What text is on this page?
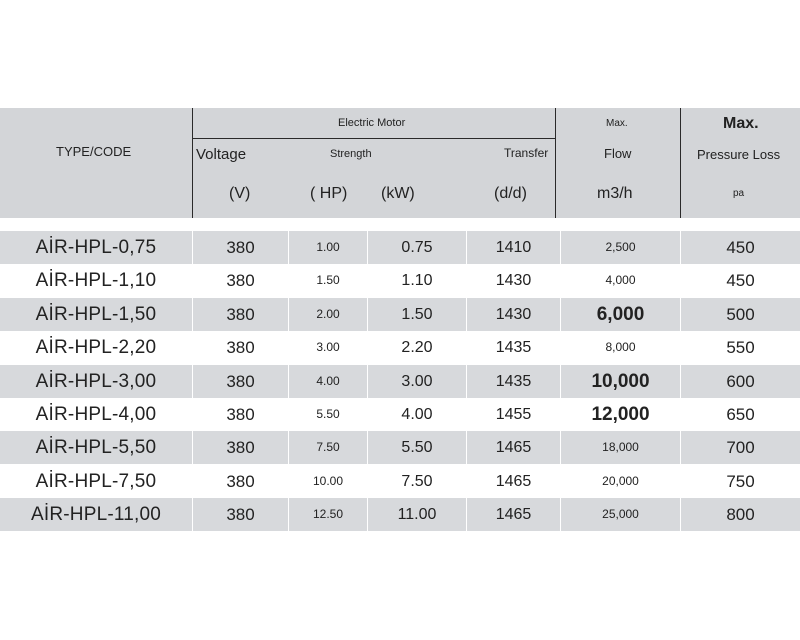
TYPE/CODE
Electric Motor
Voltage	Strength	Transfer
Max.
Flow
Max.
Pressure Loss
(V)	( HP) (kW)	(d/d)	m3/h	pa
AİR-HPL-0,75	380	1.00	0.75	1410	2,500	450
AİR-HPL-1,10	380	1.50	1.10	1430	4,000	450
AİR-HPL-1,50	380	2.00	1.50	1430	6,000	500
AİR-HPL-2,20	380	3.00	2.20	1435	8,000	550
AİR-HPL-3,00	380	4.00	3.00	1435	10,000	600
AİR-HPL-4,00	380	5.50	4.00	1455	12,000	650
AİR-HPL-5,50	380	7.50	5.50	1465	18,000	700
AİR-HPL-7,50	380	10.00	7.50	1465	20,000	750
AİR-HPL-11,00	380	12.50	11.00	1465	25,000	800
